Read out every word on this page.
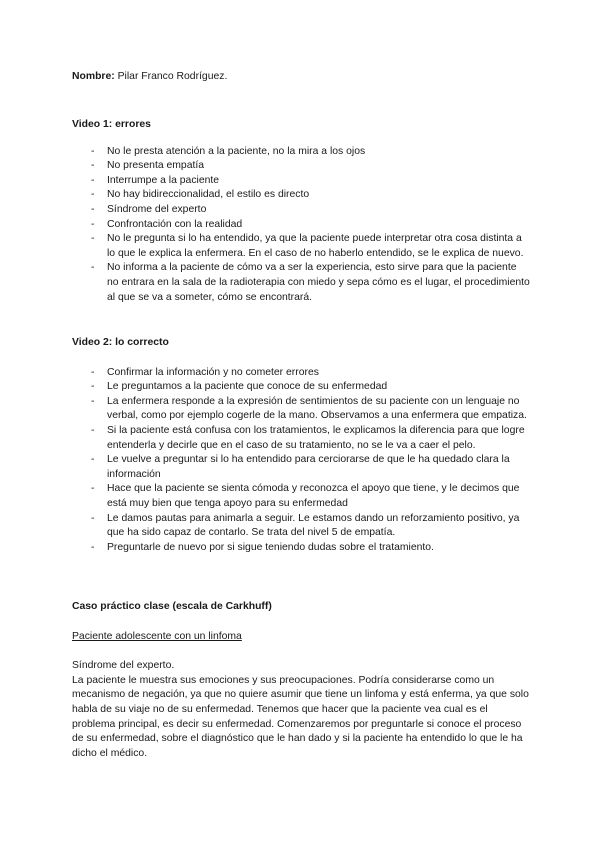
Nombre: Pilar Franco Rodríguez.
Video 1: errores
- No le presta atención a la paciente, no la mira a los ojos
- No presenta empatía
- Interrumpe a la paciente
- No hay bidireccionalidad, el estilo es directo
- Síndrome del experto
- Confrontación con la realidad
- No le pregunta si lo ha entendido, ya que la paciente puede interpretar otra cosa distinta a lo que le explica la enfermera. En el caso de no haberlo entendido, se le explica de nuevo.
- No informa a la paciente de cómo va a ser la experiencia, esto sirve para que la paciente no entrara en la sala de la radioterapia con miedo y sepa cómo es el lugar, el procedimiento al que se va a someter, cómo se encontrará.
Video 2: lo correcto
- Confirmar la información y no cometer errores
- Le preguntamos a la paciente que conoce de su enfermedad
- La enfermera responde a la expresión de sentimientos de su paciente con un lenguaje no verbal, como por ejemplo cogerle de la mano. Observamos a una enfermera que empatiza.
- Si la paciente está confusa con los tratamientos, le explicamos la diferencia para que logre entenderla y decirle que en el caso de su tratamiento, no se le va a caer el pelo.
- Le vuelve a preguntar si lo ha entendido para cerciorarse de que le ha quedado clara la información
- Hace que la paciente se sienta cómoda y reconozca el apoyo que tiene, y le decimos que está muy bien que tenga apoyo para su enfermedad
- Le damos pautas para animarla a seguir. Le estamos dando un reforzamiento positivo, ya que ha sido capaz de contarlo. Se trata del nivel 5 de empatía.
- Preguntarle de nuevo por si sigue teniendo dudas sobre el tratamiento.
Caso práctico clase (escala de Carkhuff)
Paciente adolescente con un linfoma

Síndrome del experto.

La paciente le muestra sus emociones y sus preocupaciones. Podría considerarse como un mecanismo de negación, ya que no quiere asumir que tiene un linfoma y está enferma, ya que solo habla de su viaje no de su enfermedad. Tenemos que hacer que la paciente vea cual es el problema principal, es decir su enfermedad. Comenzaremos por preguntarle si conoce el proceso de su enfermedad, sobre el diagnóstico que le han dado y si la paciente ha entendido lo que le ha dicho el médico.
